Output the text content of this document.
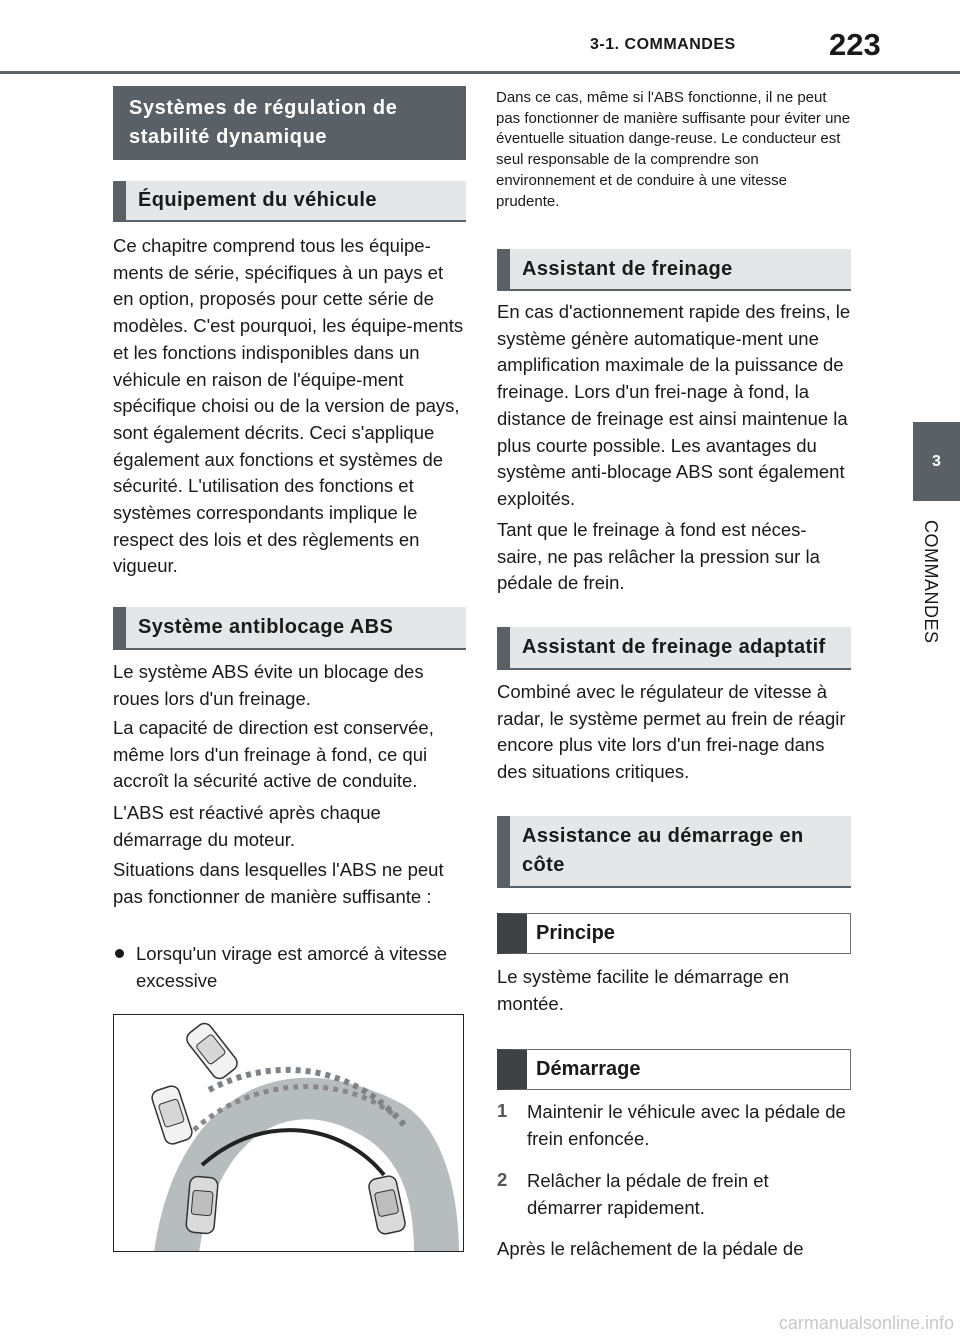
3-1. COMMANDES	223
3
COMMANDES
Systèmes de régulation de stabilité dynamique
Équipement du véhicule
Ce chapitre comprend tous les équipe-ments de série, spécifiques à un pays et en option, proposés pour cette série de modèles. C'est pourquoi, les équipe-ments et les fonctions indisponibles dans un véhicule en raison de l'équipe-ment spécifique choisi ou de la version de pays, sont également décrits. Ceci s'applique également aux fonctions et systèmes de sécurité. L'utilisation des fonctions et systèmes correspondants implique le respect des lois et des règlements en vigueur.
Système antiblocage ABS
Le système ABS évite un blocage des roues lors d'un freinage.
La capacité de direction est conservée, même lors d'un freinage à fond, ce qui accroît la sécurité active de conduite.
L'ABS est réactivé après chaque démarrage du moteur.
Situations dans lesquelles l'ABS ne peut pas fonctionner de manière suffisante :
Lorsqu'un virage est amorcé à vitesse excessive
Dans ce cas, même si l'ABS fonctionne, il ne peut pas fonctionner de manière suffisante pour éviter une éventuelle situation dange-reuse. Le conducteur est seul responsable de la comprendre son environnement et de conduire à une vitesse prudente.
Assistant de freinage
En cas d'actionnement rapide des freins, le système génère automatique-ment une amplification maximale de la puissance de freinage. Lors d'un frei-nage à fond, la distance de freinage est ainsi maintenue la plus courte possible. Les avantages du système anti-blocage ABS sont également exploités.
Tant que le freinage à fond est néces-saire, ne pas relâcher la pression sur la pédale de frein.
Assistant de freinage adaptatif
Combiné avec le régulateur de vitesse à radar, le système permet au frein de réagir encore plus vite lors d'un frei-nage dans des situations critiques.
Assistance au démarrage en côte
Principe
Le système facilite le démarrage en montée.
Démarrage
1 Maintenir le véhicule avec la pédale de frein enfoncée.
2 Relâcher la pédale de frein et démarrer rapidement.
Après le relâchement de la pédale de
carmanualsonline.info
